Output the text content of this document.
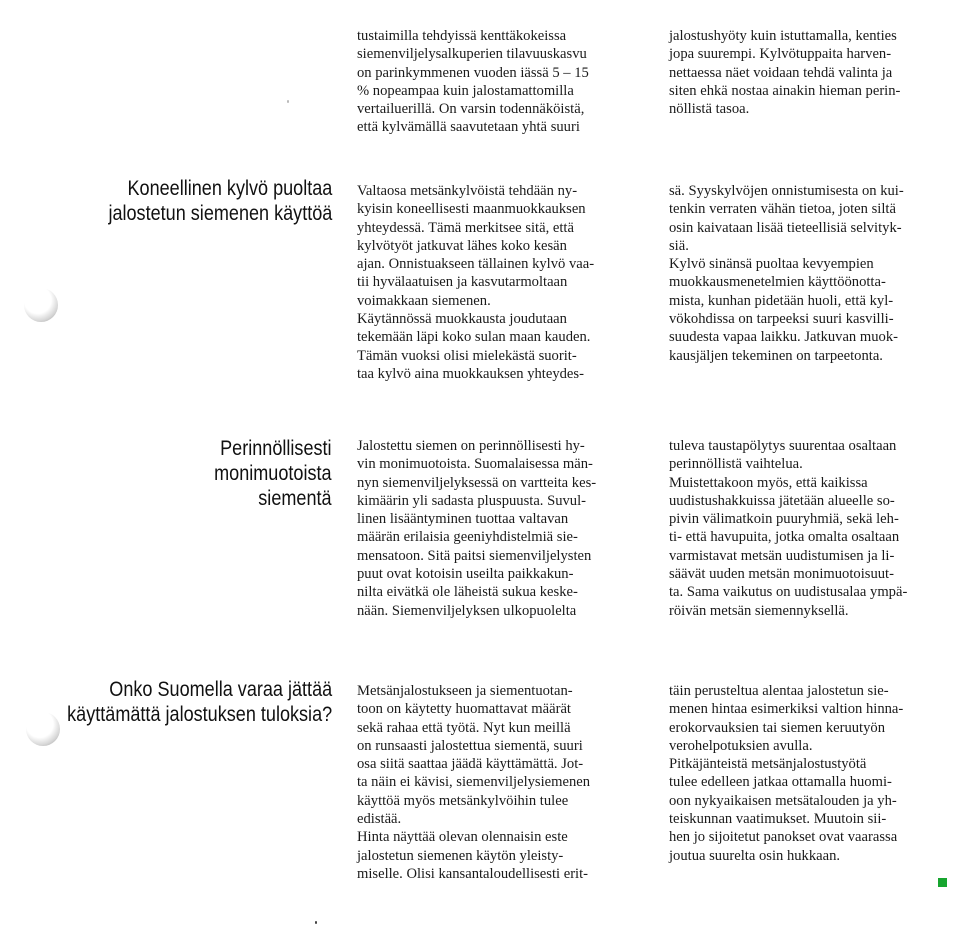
tustaimilla tehdyissä kenttäkokeissa
siemenviljelysalkuperien tilavuuskasvu
on parinkymmenen vuoden iässä 5 – 15
% nopeampaa kuin jalostamattomilla
vertailuerillä. On varsin todennäköistä,
että kylvämällä saavutetaan yhtä suuri

jalostushyöty kuin istuttamalla, kenties
jopa suurempi. Kylvötuppaita harven-
nettaessa näet voidaan tehdä valinta ja
siten ehkä nostaa ainakin hieman perin-
nöllistä tasoa.

Koneellinen kylvö puoltaa
jalostetun siemenen käyttöä

Valtaosa metsänkylvöistä tehdään ny-
kyisin koneellisesti maanmuokkauksen
yhteydessä. Tämä merkitsee sitä, että
kylvötyöt jatkuvat lähes koko kesän
ajan. Onnistuakseen tällainen kylvö vaa-
tii hyvälaatuisen ja kasvutarmoltaan
voimakkaan siemenen.
Käytännössä muokkausta joudutaan
tekemään läpi koko sulan maan kauden.
Tämän vuoksi olisi mielekästä suorit-
taa kylvö aina muokkauksen yhteydes-

sä. Syyskylvöjen onnistumisesta on kui-
tenkin verraten vähän tietoa, joten siltä
osin kaivataan lisää tieteellisiä selvityk-
siä.
Kylvö sinänsä puoltaa kevyempien
muokkausmenetelmien käyttöönotta-
mista, kunhan pidetään huoli, että kyl-
vökohdissa on tarpeeksi suuri kasvilli-
suudesta vapaa laikku. Jatkuvan muok-
kausjäljen tekeminen on tarpeetonta.

Perinnöllisesti
monimuotoista
siementä

Jalostettu siemen on perinnöllisesti hy-
vin monimuotoista. Suomalaisessa män-
nyn siemenviljelyksessä on vartteita kes-
kimäärin yli sadasta pluspuusta. Suvul-
linen lisääntyminen tuottaa valtavan
määrän erilaisia geeniyhdistelmiä sie-
mensatoon. Sitä paitsi siemenviljelysten
puut ovat kotoisin useilta paikkakun-
nilta eivätkä ole läheistä sukua keske-
nään. Siemenviljelyksen ulkopuolelta

tuleva taustapölytys suurentaa osaltaan
perinnöllistä vaihtelua.
Muistettakoon myös, että kaikissa
uudistushakkuissa jätetään alueelle so-
pivin välimatkoin puuryhmiä, sekä leh-
ti- että havupuita, jotka omalta osaltaan
varmistavat metsän uudistumisen ja li-
säävät uuden metsän monimuotoisuut-
ta. Sama vaikutus on uudistusalaa ympä-
röivän metsän siemennyksellä.

Onko Suomella varaa jättää
käyttämättä jalostuksen tuloksia?

Metsänjalostukseen ja siementuotan-
toon on käytetty huomattavat määrät
sekä rahaa että työtä. Nyt kun meillä
on runsaasti jalostettua siementä, suuri
osa siitä saattaa jäädä käyttämättä. Jot-
ta näin ei kävisi, siemenviljelysiemenen
käyttöä myös metsänkylvöihin tulee
edistää.
Hinta näyttää olevan olennaisin este
jalostetun siemenen käytön yleisty-
miselle. Olisi kansantaloudellisesti erit-

täin perusteltua alentaa jalostetun sie-
menen hintaa esimerkiksi valtion hinna-
erokorvauksien tai siemen keruutyön
verohelpotuksien avulla.
Pitkäjänteistä metsänjalostustyötä
tulee edelleen jatkaa ottamalla huomi-
oon nykyaikaisen metsätalouden ja yh-
teiskunnan vaatimukset. Muutoin sii-
hen jo sijoitetut panokset ovat vaarassa
joutua suurelta osin hukkaan.
